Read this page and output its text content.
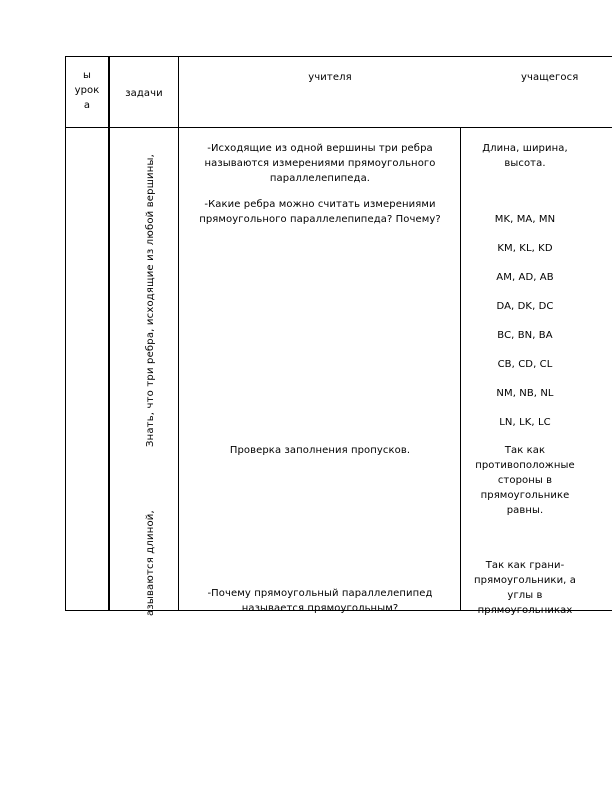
ы
урок
а
задачи
учителя	учащегося
Знать, что три ребра, исходящие из любой вершины,
азываются длиной,
-Исходящие из одной вершины три ребра
называются измерениями прямоугольного
параллелепипеда.
-Какие ребра можно считать измерениями
прямоугольного параллелепипеда? Почему?
Проверка заполнения пропусков.
-Почему прямоугольный параллелепипед
называется прямоугольным?
Длина, ширина,
высота.
MK, MA, MN
KM, KL, KD
AM, AD, AB
DA, DK, DC
BC, BN, BA
CB, CD, CL
NM, NB, NL
LN, LK, LC
Так как
противоположные
стороны в
прямоугольнике
равны.
Так как грани-
прямоугольники, а
углы в
прямоугольниках
